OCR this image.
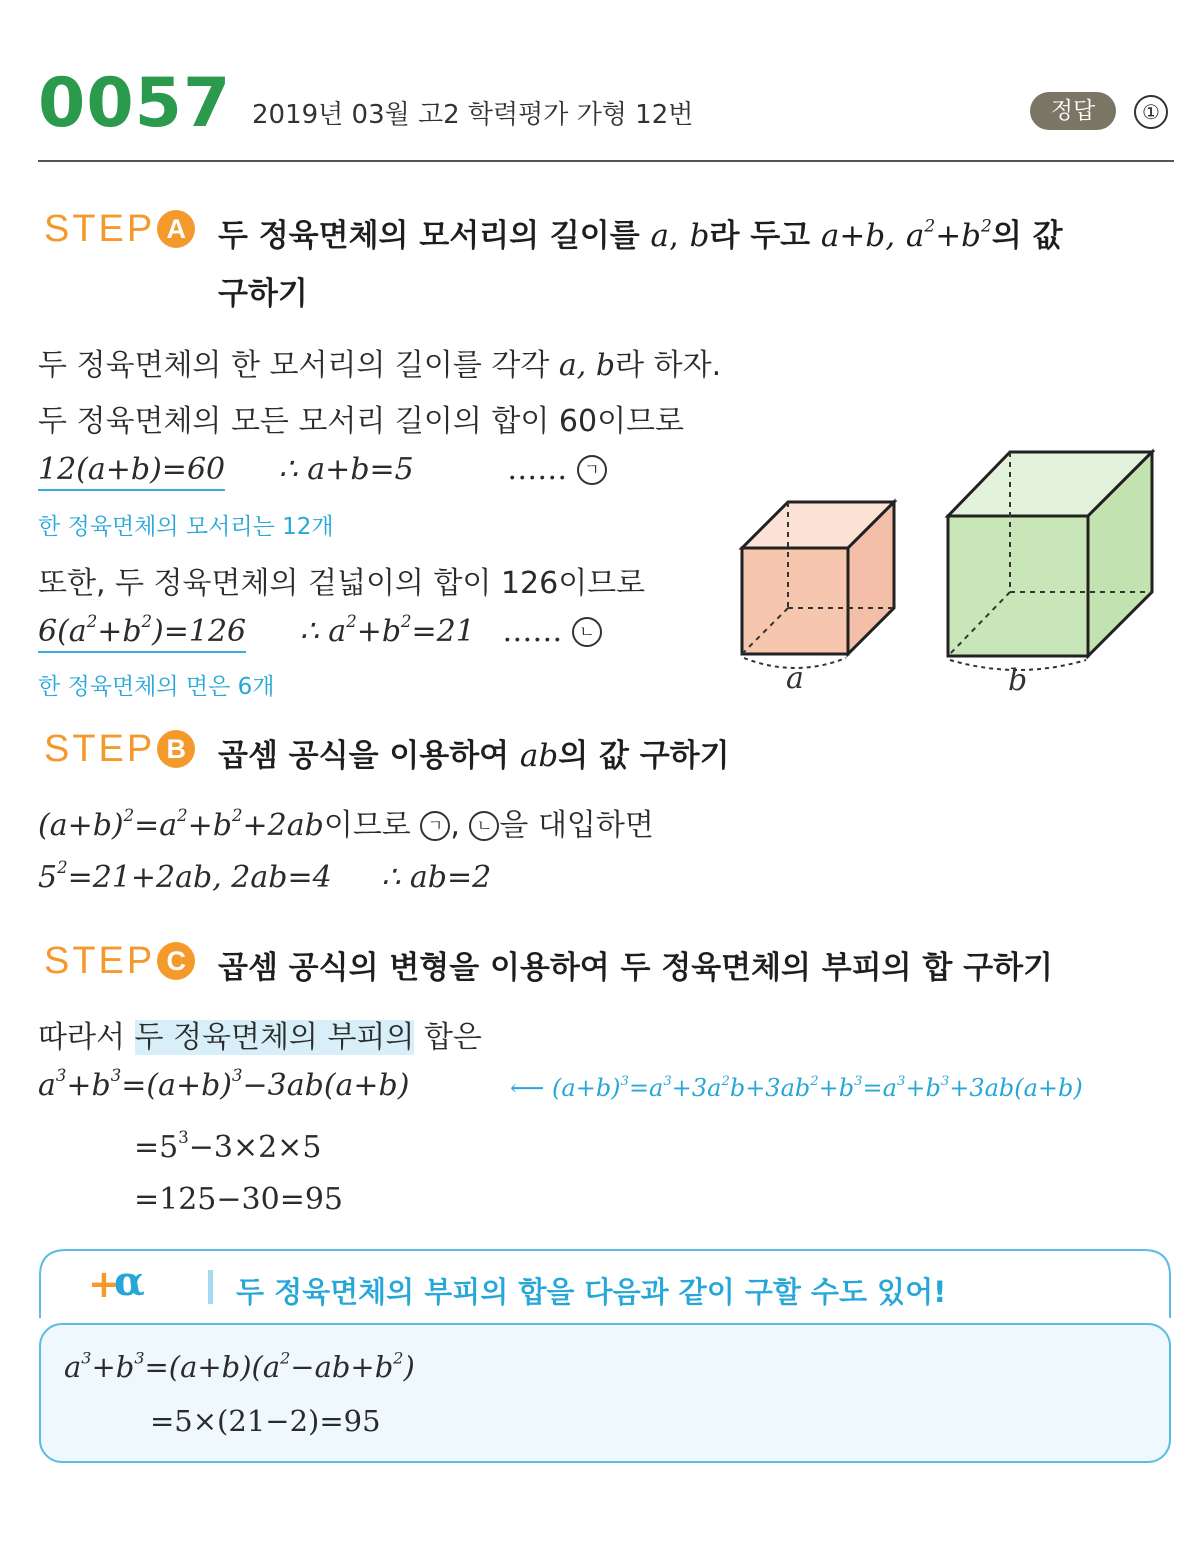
0057 2019년 03월 고2 학력평가 가형 12번	정답	①
STEP A 두 정육면체의 모서리의 길이를 a, b라 두고 a+b, $a^2+b^2$의 값
구하기
두 정육면체의 한 모서리의 길이를 각각 a, b라 하자.
두 정육면체의 모든 모서리 길이의 합이 60이므로
12(a+b)=60 ∴ a+b=5	…… ㄱ
한 정육면체의 모서리는 12개
또한, 두 정육면체의 겉넓이의 합이 126이므로
$6(a^2+b^2)=126$ ∴ $a^2+b^2=21$ …… ㄴ
한 정육면체의 면은 6개	a	b
STEP B 곱셈 공식을 이용하여 ab의 값 구하기
$(a+b)^2=a^2+b^2+2ab$이므로 ㄱ , ㄴ 을 대입하면
$5^2=21+2ab$, 2ab=4 ∴ ab=2
STEP C 곱셈 공식의 변형을 이용하여 두 정육면체의 부피의 합 구하기
따라서 두 정육면체의 부피의 합은
$a^3+b^3=(a+b)^3-3ab(a+b)$	⟵ $(a+b)^3=a^3+3a^2b+3ab^2+b^3=a^3+b^3+3ab(a+b)$
$=5^3-3\times 2\times 5$
=125−30=95
+
α	두 정육면체의 부피의 합을 다음과 같이 구할 수도 있어!
$a^3+b^3=(a+b)(a^2-ab+b^2)$
=5×(21−2)=95
